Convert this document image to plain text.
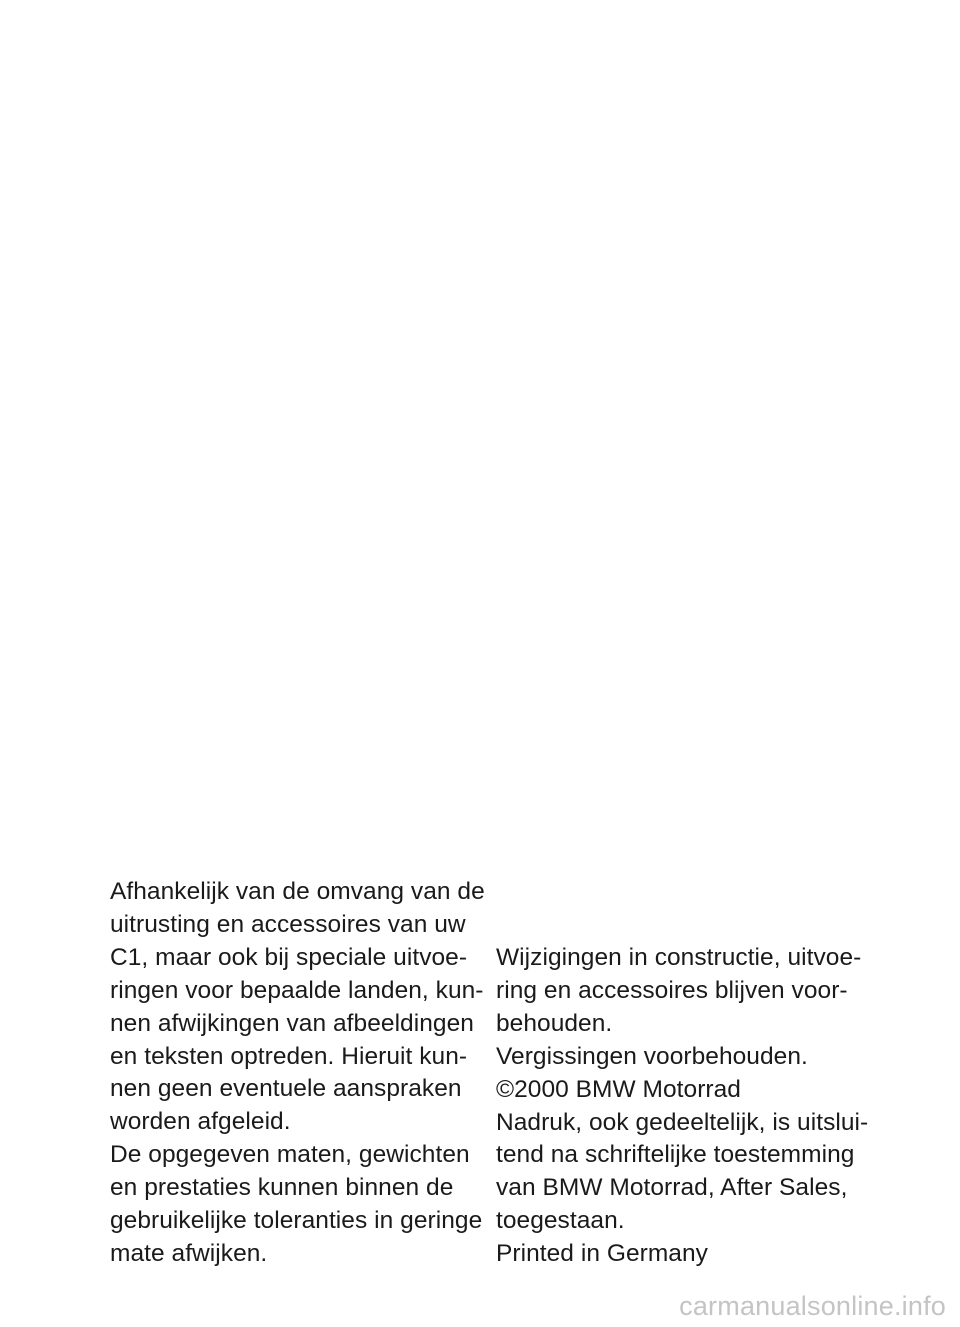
Afhankelijk van de omvang van de
uitrusting en accessoires van uw
C1, maar ook bij speciale uitvoe-
ringen voor bepaalde landen, kun-
nen afwijkingen van afbeeldingen
en teksten optreden. Hieruit kun-
nen geen eventuele aanspraken
worden afgeleid.
De opgegeven maten, gewichten
en prestaties kunnen binnen de
gebruikelijke toleranties in geringe
mate afwijken.
Wijzigingen in constructie, uitvoe-
ring en accessoires blijven voor-
behouden.
Vergissingen voorbehouden.
©2000 BMW Motorrad
Nadruk, ook gedeeltelijk, is uitslui-
tend na schriftelijke toestemming
van BMW Motorrad, After Sales,
toegestaan.
Printed in Germany
carmanualsonline.info
